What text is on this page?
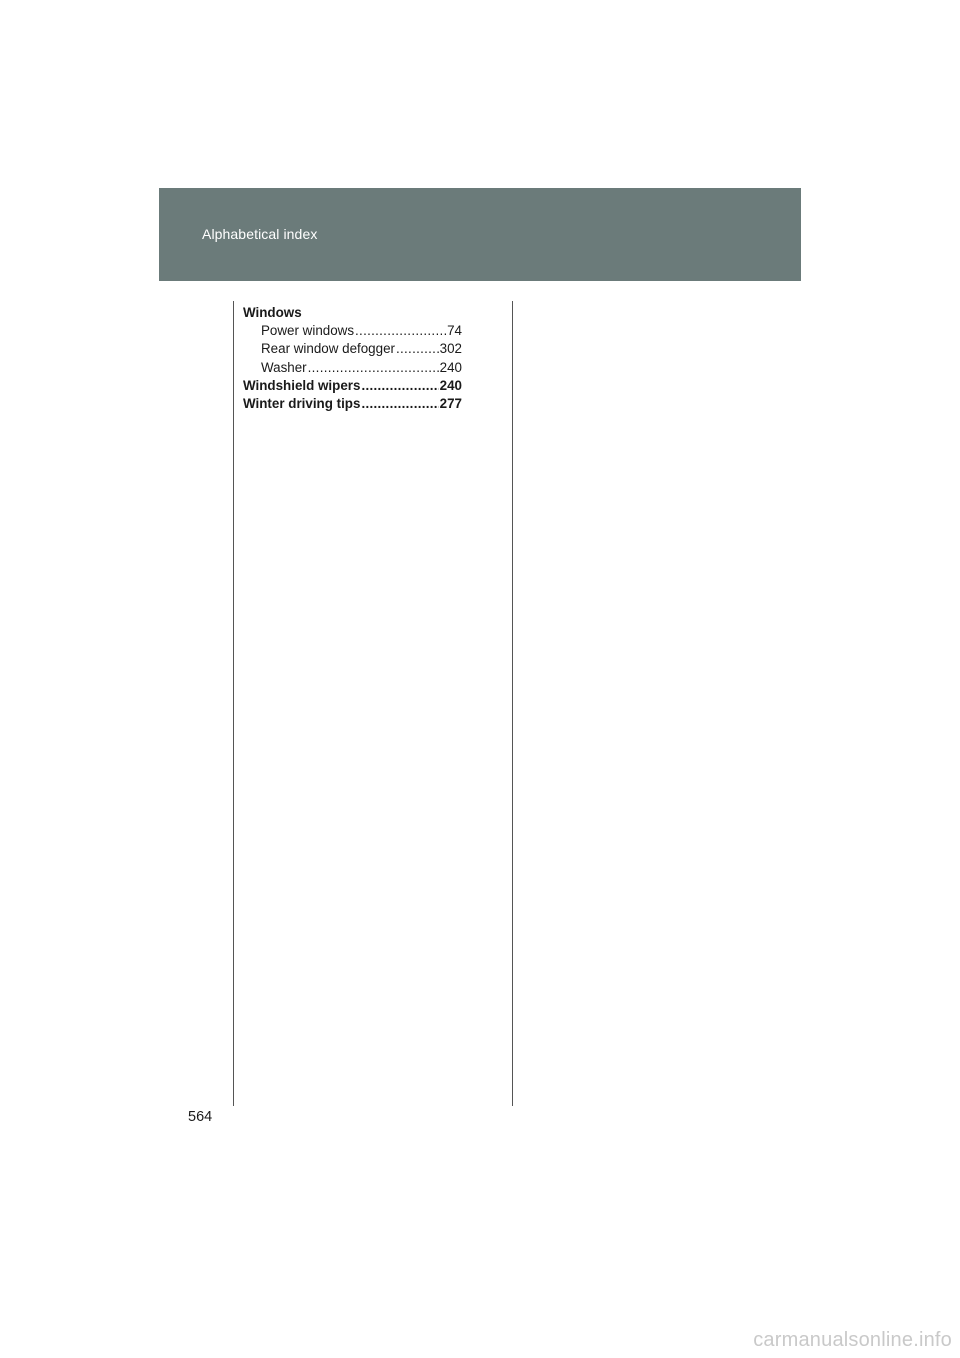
Alphabetical index
Windows
Power windows .....	74
Rear window defogger .....	302
Washer .....	240
Windshield wipers .....	240
Winter driving tips .....	277
564
carmanualsonline.info
